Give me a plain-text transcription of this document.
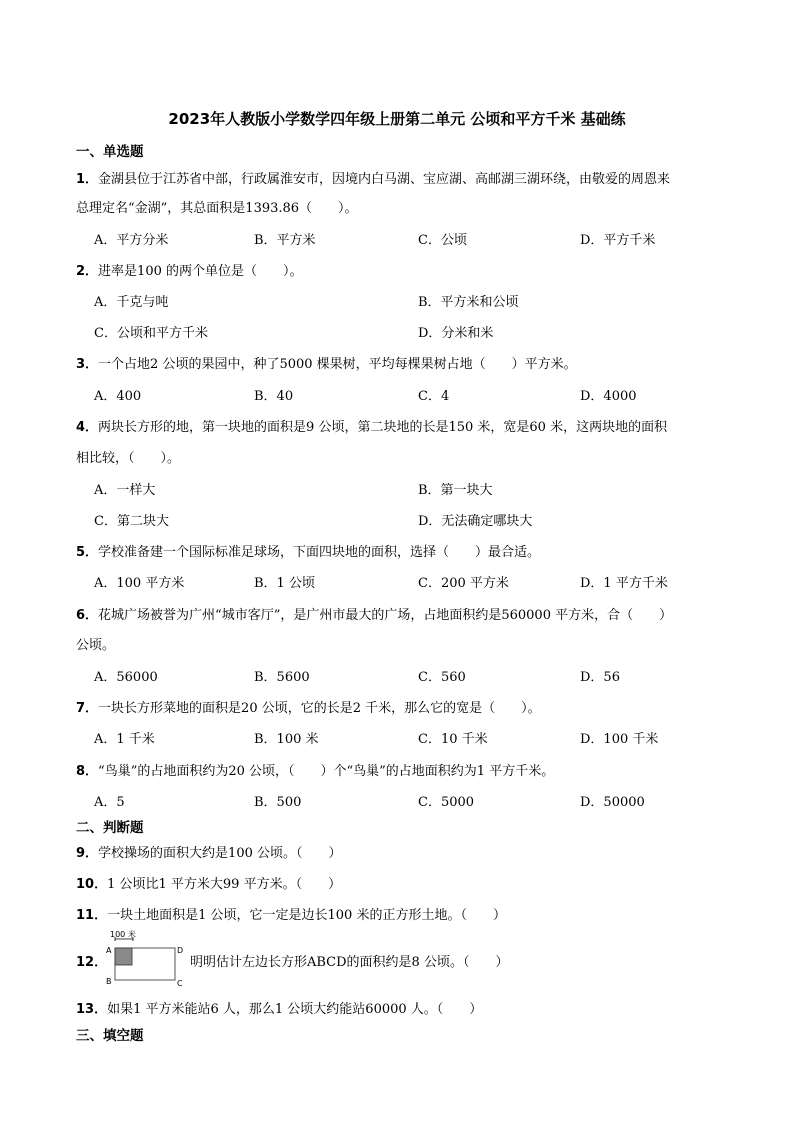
2023年人教版小学数学四年级上册第二单元 公顷和平方千米 基础练
一、单选题
1．金湖县位于江苏省中部，行政属淮安市，因境内白马湖、宝应湖、高邮湖三湖环绕，由敬爱的周恩来
总理定名“金湖”，其总面积是1393.86（　　）。
A．平方分米	B．平方米	C．公顷	D．平方千米
2．进率是100 的两个单位是（　　）。
A．千克与吨	B．平方米和公顷
C．公顷和平方千米	D．分米和米
3．一个占地2 公顷的果园中，种了5000 棵果树，平均每棵果树占地（　　）平方米。
A．400	B．40	C．4	D．4000
4．两块长方形的地，第一块地的面积是9 公顷，第二块地的长是150 米，宽是60 米，这两块地的面积
相比较，（　　）。
A．一样大	B．第一块大
C．第二块大	D．无法确定哪块大
5．学校准备建一个国际标准足球场，下面四块地的面积，选择（　　）最合适。
A．100 平方米	B．1 公顷	C．200 平方米	D．1 平方千米
6．花城广场被誉为广州“城市客厅”，是广州市最大的广场，占地面积约是560000 平方米，合（　　）
公顷。
A．56000	B．5600	C．560	D．56
7．一块长方形菜地的面积是20 公顷，它的长是2 千米，那么它的宽是（　　）。
A．1 千米	B．100 米	C．10 千米	D．100 千米
8．“鸟巢”的占地面积约为20 公顷，（　　）个“鸟巢”的占地面积约为1 平方千米。
A．5	B．500	C．5000	D．50000
二、判断题
9．学校操场的面积大约是100 公顷。（　　）
10．1 公顷比1 平方米大99 平方米。（　　）
11．一块土地面积是1 公顷，它一定是边长100 米的正方形土地。（　　）
12．
100 米
A
B	C
D
明明估计左边长方形ABCD的面积约是8 公顷。（　　）
13．如果1 平方米能站6 人，那么1 公顷大约能站60000 人。（　　）
三、填空题
